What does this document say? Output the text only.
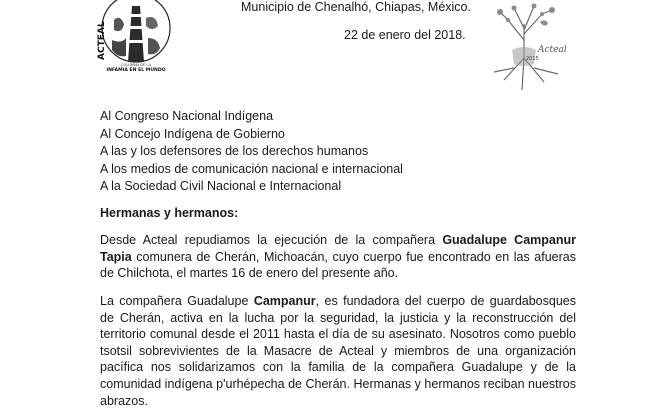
ACTEAL
COLUMNA DE LA
INFAMIA EN EL MUNDO
2015
Acteal
Municipio de Chenalhó, Chiapas, México.
22 de enero del 2018.
Al Congreso Nacional Indígena
Al Concejo Indígena de Gobierno
A las y los defensores de los derechos humanos
A los medios de comunicación nacional e internacional
A la Sociedad Civil Nacional e Internacional
Hermanas y hermanos:
Desde Acteal repudiamos la ejecución de la compañera Guadalupe Campanur Tapia comunera de Cherán, Michoacán, cuyo cuerpo fue encontrado en las afueras de Chilchota, el martes 16 de enero del presente año.
La compañera Guadalupe Campanur, es fundadora del cuerpo de guardabosques de Cherán, activa en la lucha por la seguridad, la justicia y la reconstrucción del territorio comunal desde el 2011 hasta el día de su asesinato. Nosotros como pueblo tsotsil sobrevivientes de la Masacre de Acteal y miembros de una organización pacífica nos solidarizamos con la familia de la compañera Guadalupe y de la comunidad indígena p'urhépecha de Cherán. Hermanas y hermanos reciban nuestros abrazos.
